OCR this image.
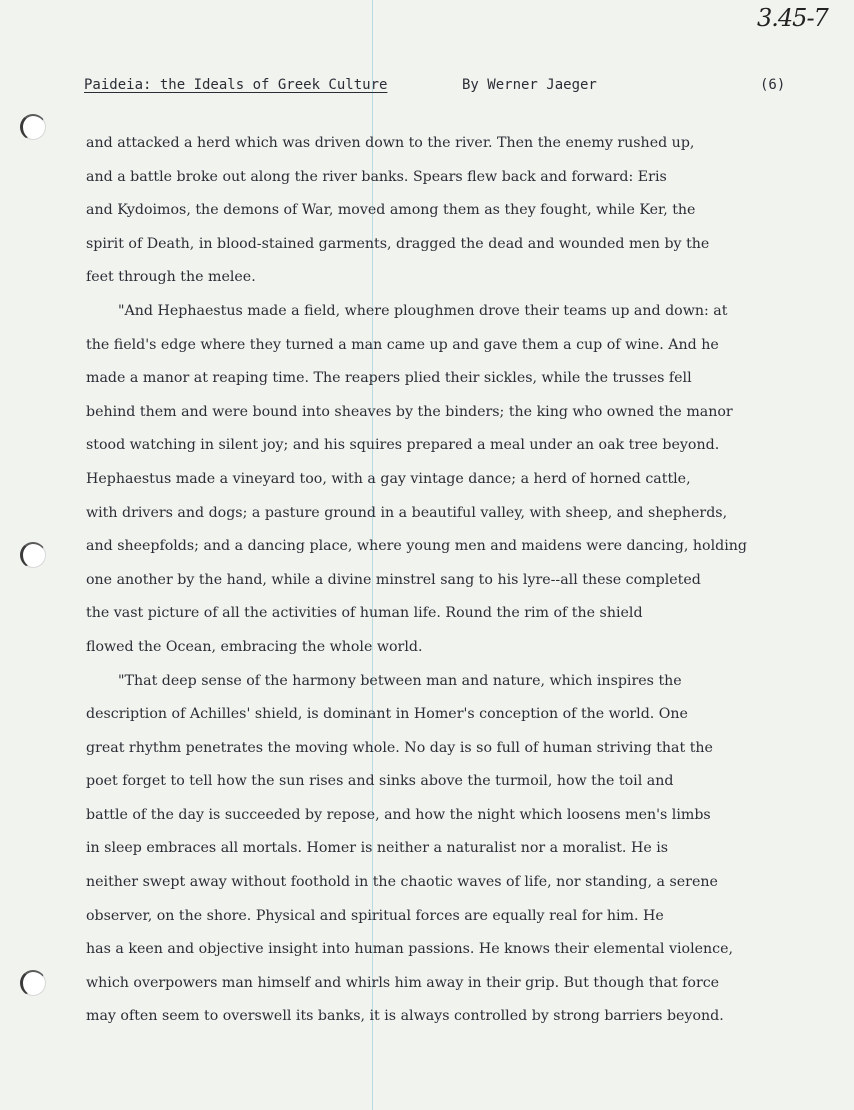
3.45-7
Paideia: the Ideals of Greek Culture	By Werner Jaeger	(6)
and attacked a herd which was driven down to the river. Then the enemy rushed up,
and a battle broke out along the river banks. Spears flew back and forward: Eris
and Kydoimos, the demons of War, moved among them as they fought, while Ker, the
spirit of Death, in blood-stained garments, dragged the dead and wounded men by the
feet through the melee.
"And Hephaestus made a field, where ploughmen drove their teams up and down: at
the field's edge where they turned a man came up and gave them a cup of wine. And he
made a manor at reaping time. The reapers plied their sickles, while the trusses fell
behind them and were bound into sheaves by the binders; the king who owned the manor
stood watching in silent joy; and his squires prepared a meal under an oak tree beyond.
Hephaestus made a vineyard too, with a gay vintage dance; a herd of horned cattle,
with drivers and dogs; a pasture ground in a beautiful valley, with sheep, and shepherds,
and sheepfolds; and a dancing place, where young men and maidens were dancing, holding
one another by the hand, while a divine minstrel sang to his lyre--all these completed
the vast picture of all the activities of human life. Round the rim of the shield
flowed the Ocean, embracing the whole world.
"That deep sense of the harmony between man and nature, which inspires the
description of Achilles' shield, is dominant in Homer's conception of the world. One
great rhythm penetrates the moving whole. No day is so full of human striving that the
poet forget to tell how the sun rises and sinks above the turmoil, how the toil and
battle of the day is succeeded by repose, and how the night which loosens men's limbs
in sleep embraces all mortals. Homer is neither a naturalist nor a moralist. He is
neither swept away without foothold in the chaotic waves of life, nor standing, a serene
observer, on the shore. Physical and spiritual forces are equally real for him. He
has a keen and objective insight into human passions. He knows their elemental violence,
which overpowers man himself and whirls him away in their grip. But though that force
may often seem to overswell its banks, it is always controlled by strong barriers beyond.
